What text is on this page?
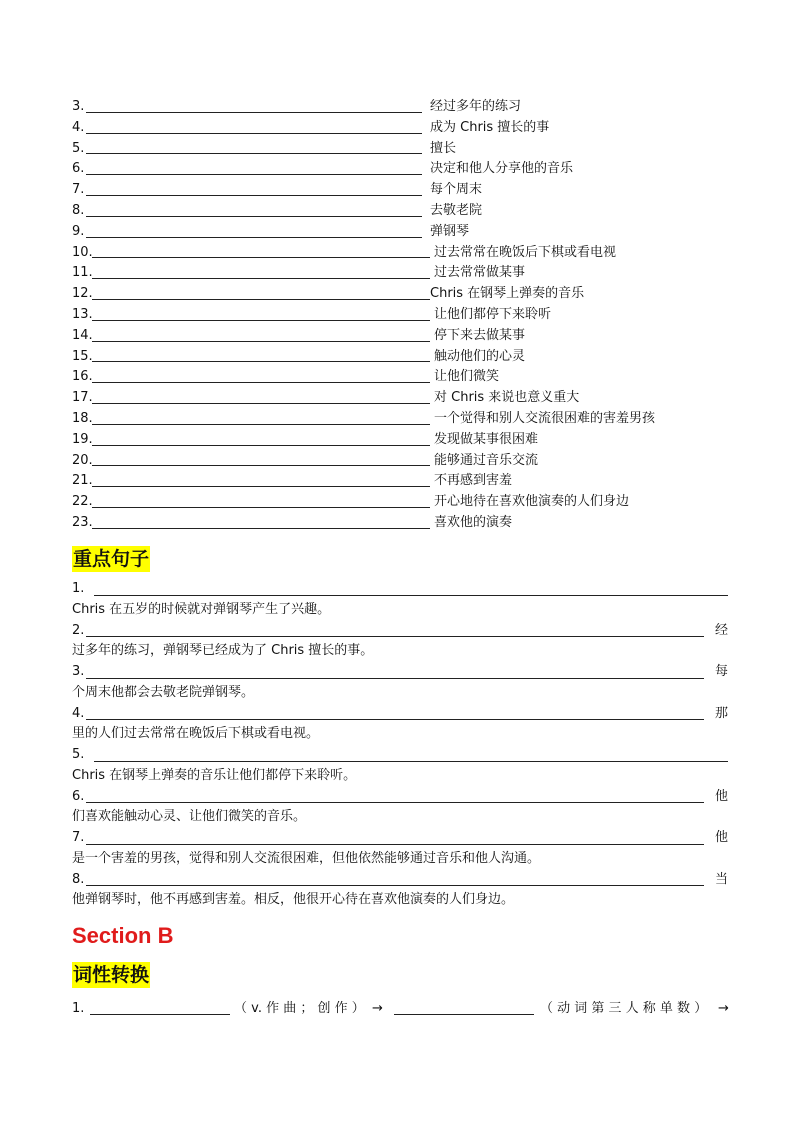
3.	经过多年的练习
4.	成为 Chris 擅长的事
5.	擅长
6.	决定和他人分享他的音乐
7.	每个周末
8.	去敬老院
9.	弹钢琴
10.	过去常常在晚饭后下棋或看电视
11.	过去常常做某事
12.	Chris 在钢琴上弹奏的音乐
13.	让他们都停下来聆听
14.	停下来去做某事
15.	触动他们的心灵
16.	让他们微笑
17.	对 Chris 来说也意义重大
18.	一个觉得和别人交流很困难的害羞男孩
19.	发现做某事很困难
20.	能够通过音乐交流
21.	不再感到害羞
22.	开心地待在喜欢他演奏的人们身边
23.	喜欢他的演奏
重点句子
1.
Chris 在五岁的时候就对弹钢琴产生了兴趣。
2.	经
过多年的练习，弹钢琴已经成为了 Chris 擅长的事。
3.	每
个周末他都会去敬老院弹钢琴。
4.	那
里的人们过去常常在晚饭后下棋或看电视。
5.
Chris 在钢琴上弹奏的音乐让他们都停下来聆听。
6.	他
们喜欢能触动心灵、让他们微笑的音乐。
7.	他
是一个害羞的男孩，觉得和别人交流很困难，但他依然能够通过音乐和他人沟通。
8.	当
他弹钢琴时，他不再感到害羞。相反，他很开心待在喜欢他演奏的人们身边。
Section B
词性转换
1.	（ v. 作 曲 ； 创 作 ） →	（ 动 词 第 三 人 称 单 数 ） →
